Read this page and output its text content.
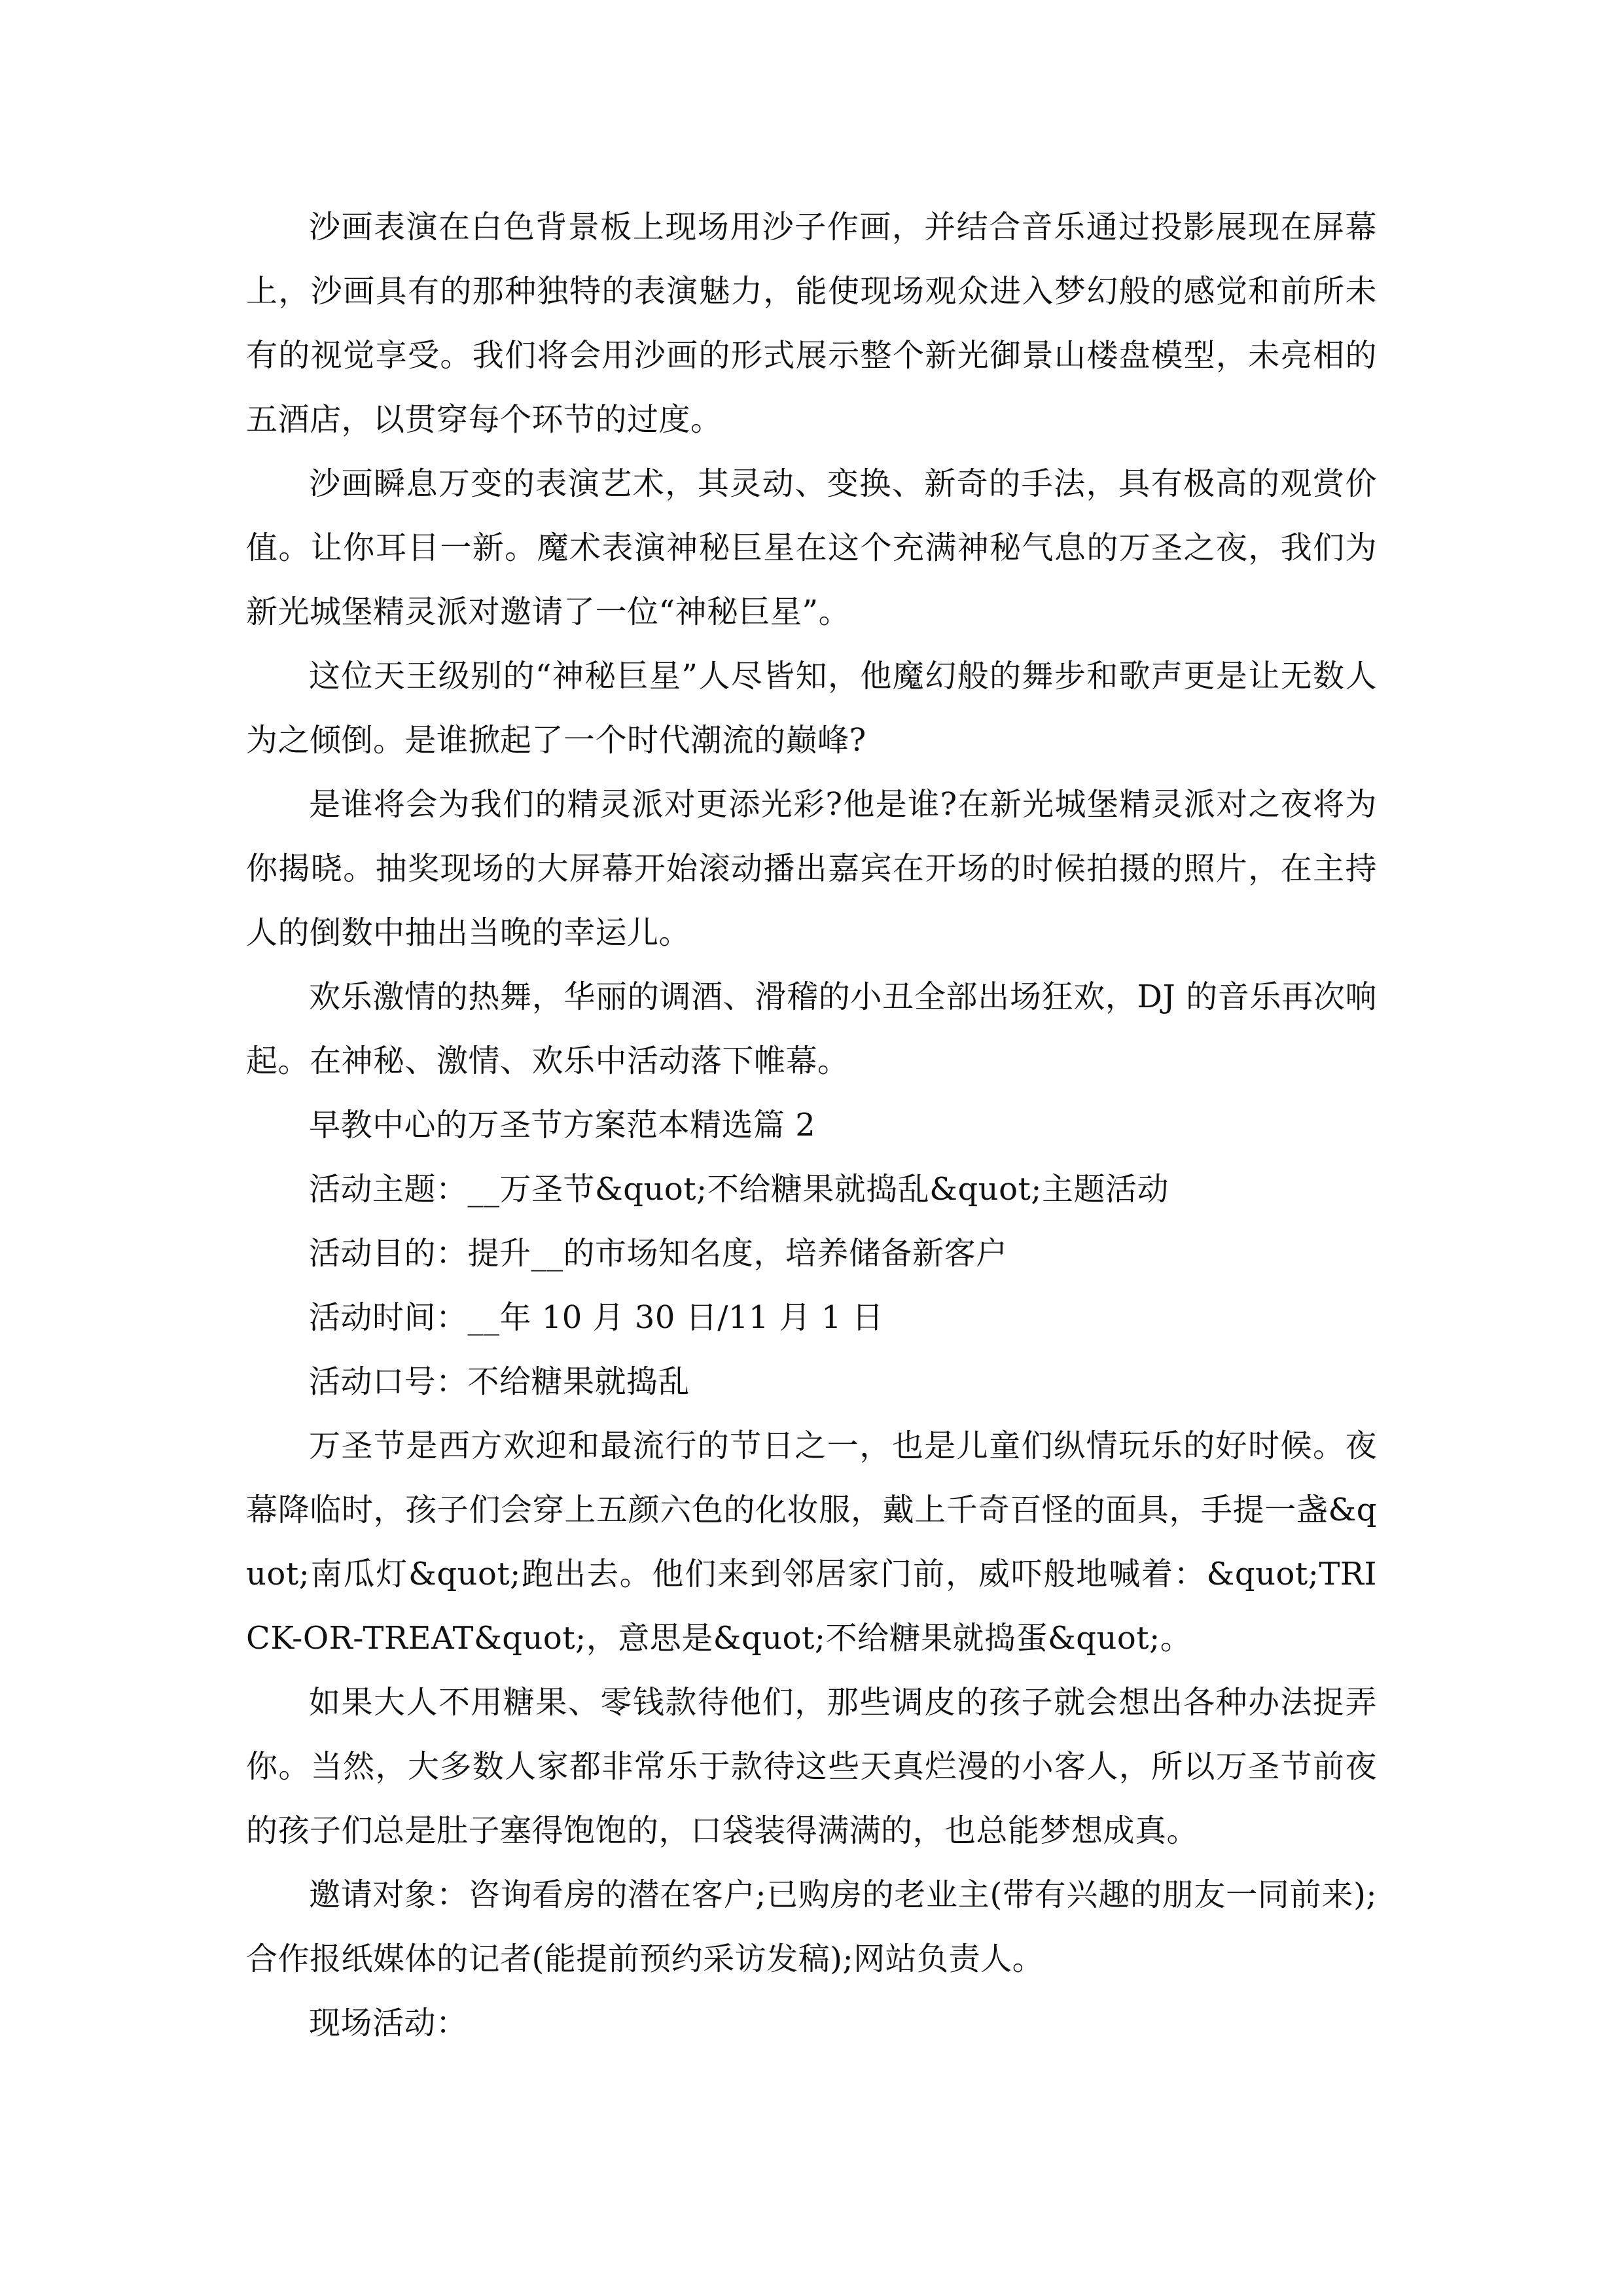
沙画表演在白色背景板上现场用沙子作画，并结合音乐通过投影展现在屏幕上，沙画具有的那种独特的表演魅力，能使现场观众进入梦幻般的感觉和前所未有的视觉享受。我们将会用沙画的形式展示整个新光御景山楼盘模型，未亮相的五酒店，以贯穿每个环节的过度。

沙画瞬息万变的表演艺术，其灵动、变换、新奇的手法，具有极高的观赏价值。让你耳目一新。魔术表演神秘巨星在这个充满神秘气息的万圣之夜，我们为新光城堡精灵派对邀请了一位“神秘巨星”。

这位天王级别的“神秘巨星”人尽皆知，他魔幻般的舞步和歌声更是让无数人为之倾倒。是谁掀起了一个时代潮流的巅峰?

是谁将会为我们的精灵派对更添光彩?他是谁?在新光城堡精灵派对之夜将为你揭晓。抽奖现场的大屏幕开始滚动播出嘉宾在开场的时候拍摄的照片，在主持人的倒数中抽出当晚的幸运儿。

欢乐激情的热舞，华丽的调酒、滑稽的小丑全部出场狂欢，DJ 的音乐再次响起。在神秘、激情、欢乐中活动落下帷幕。

早教中心的万圣节方案范本精选篇 2

活动主题：__万圣节&quot;不给糖果就捣乱&quot;主题活动

活动目的：提升__的市场知名度，培养储备新客户

活动时间：__年 10 月 30 日/11 月 1 日

活动口号：不给糖果就捣乱

万圣节是西方欢迎和最流行的节日之一，也是儿童们纵情玩乐的好时候。夜幕降临时，孩子们会穿上五颜六色的化妆服，戴上千奇百怪的面具，手提一盏&quot;南瓜灯&quot;跑出去。他们来到邻居家门前，威吓般地喊着：&quot;TRICK-OR-TREAT&quot;，意思是&quot;不给糖果就捣蛋&quot;。

如果大人不用糖果、零钱款待他们，那些调皮的孩子就会想出各种办法捉弄你。当然，大多数人家都非常乐于款待这些天真烂漫的小客人，所以万圣节前夜的孩子们总是肚子塞得饱饱的，口袋装得满满的，也总能梦想成真。

邀请对象：咨询看房的潜在客户;已购房的老业主(带有兴趣的朋友一同前来);合作报纸媒体的记者(能提前预约采访发稿);网站负责人。

现场活动：
